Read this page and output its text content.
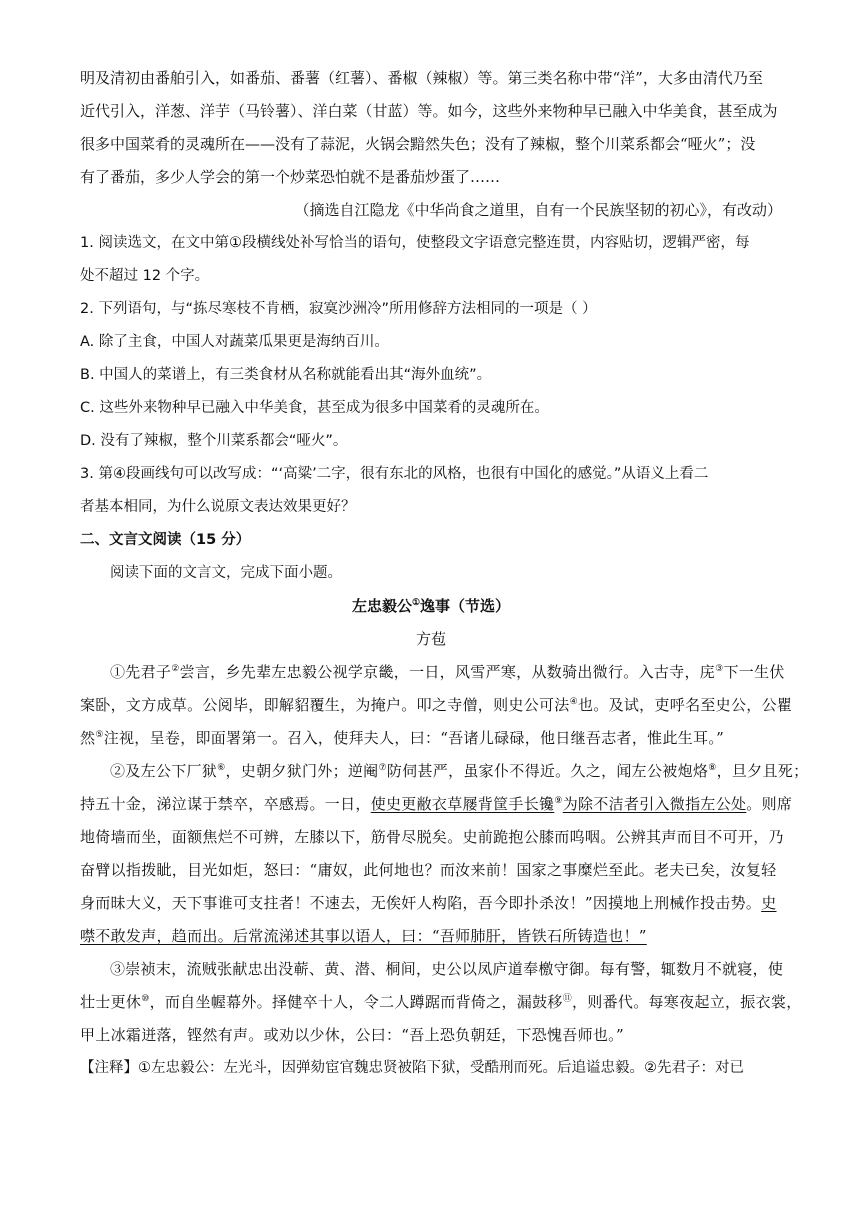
明及清初由番舶引入，如番茄、番薯（红薯）、番椒（辣椒）等。第三类名称中带“洋”，大多由清代乃至
近代引入，洋葱、洋芋（马铃薯）、洋白菜（甘蓝）等。如今，这些外来物种早已融入中华美食，甚至成为
很多中国菜肴的灵魂所在——没有了蒜泥，火锅会黯然失色；没有了辣椒，整个川菜系都会“哑火”；没
有了番茄，多少人学会的第一个炒菜恐怕就不是番茄炒蛋了……
（摘选自江隐龙《中华尚食之道里，自有一个民族坚韧的初心》，有改动）
1. 阅读选文，在文中第①段横线处补写恰当的语句，使整段文字语意完整连贯，内容贴切，逻辑严密，每
处不超过 12 个字。
2. 下列语句，与“拣尽寒枝不肯栖，寂寞沙洲冷”所用修辞方法相同的一项是（ ）
A. 除了主食，中国人对蔬菜瓜果更是海纳百川。
B. 中国人的菜谱上，有三类食材从名称就能看出其“海外血统”。
C. 这些外来物种早已融入中华美食，甚至成为很多中国菜肴的灵魂所在。
D. 没有了辣椒，整个川菜系都会“哑火”。
3. 第④段画线句可以改写成：“‘高粱’二字，很有东北的风格，也很有中国化的感觉。”从语义上看二
者基本相同，为什么说原文表达效果更好？
二、文言文阅读（15 分）
阅读下面的文言文，完成下面小题。
左忠毅公①逸事（节选）
方苞
①先君子②尝言，乡先辈左忠毅公视学京畿，一日，风雪严寒，从数骑出微行。入古寺，庑③下一生伏
案卧，文方成草。公阅毕，即解貂覆生，为掩户。叩之寺僧，则史公可法④也。及试，吏呼名至史公，公瞿
然⑤注视，呈卷，即面署第一。召入，使拜夫人，曰：“吾诸儿碌碌，他日继吾志者，惟此生耳。”
②及左公下厂狱⑥，史朝夕狱门外；逆阉⑦防伺甚严，虽家仆不得近。久之，闻左公被炮烙⑧，旦夕且死；
持五十金，涕泣谋于禁卒，卒感焉。一日，使史更敝衣草屦背筐手长镵⑨为除不洁者引入微指左公处。则席
地倚墙而坐，面额焦烂不可辨，左膝以下，筋骨尽脱矣。史前跪抱公膝而呜咽。公辨其声而目不可开，乃
奋臂以指拨眦，目光如炬，怒曰：“庸奴，此何地也？而汝来前！国家之事糜烂至此。老夫已矣，汝复轻
身而昧大义，天下事谁可支拄者！不速去，无俟奸人构陷，吾今即扑杀汝！”因摸地上刑械作投击势。史
噤不敢发声，趋而出。后常流涕述其事以语人，曰：“吾师肺肝，皆铁石所铸造也！”
③崇祯末，流贼张献忠出没蕲、黄、潜、桐间，史公以凤庐道奉檄守御。每有警，辄数月不就寝，使
壮士更休⑩，而自坐幄幕外。择健卒十人，令二人蹲踞而背倚之，漏鼓移⑪，则番代。每寒夜起立，振衣裳，
甲上冰霜迸落，铿然有声。或劝以少休，公曰：“吾上恐负朝廷，下恐愧吾师也。”
【注释】①左忠毅公：左光斗，因弹劾宦官魏忠贤被陷下狱，受酷刑而死。后追谥忠毅。②先君子：对已
